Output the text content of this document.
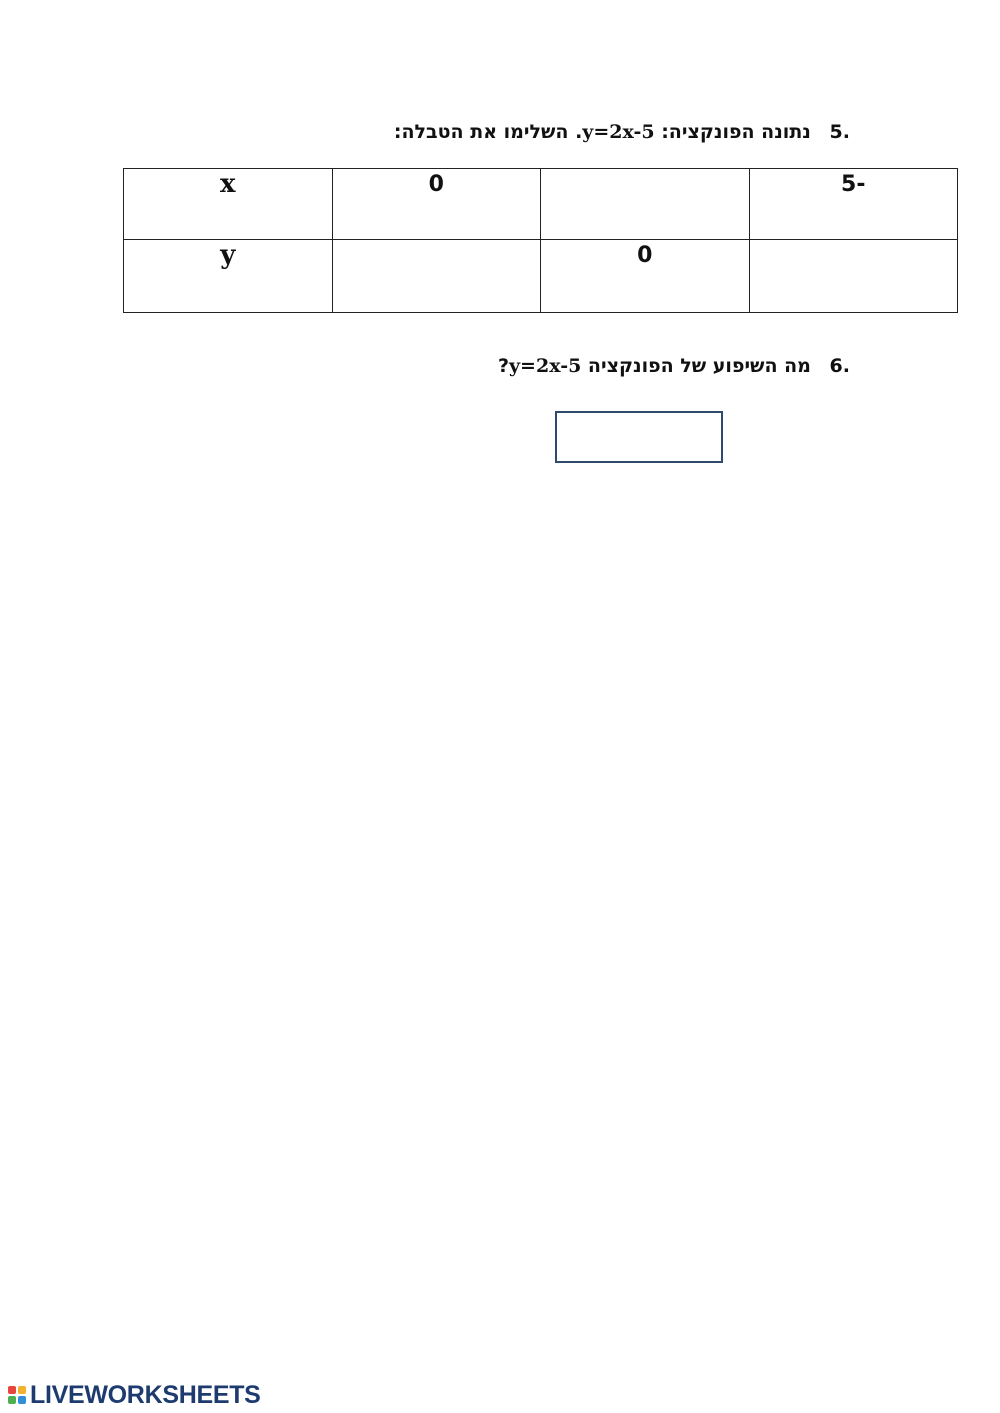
.5 נתונה הפונקציה: y=2x-5. השלימו את הטבלה:
x	0		-5
y		0	
.6 מה השיפוע של הפונקציה y=2x-5?
LIVEWORKSHEETS
